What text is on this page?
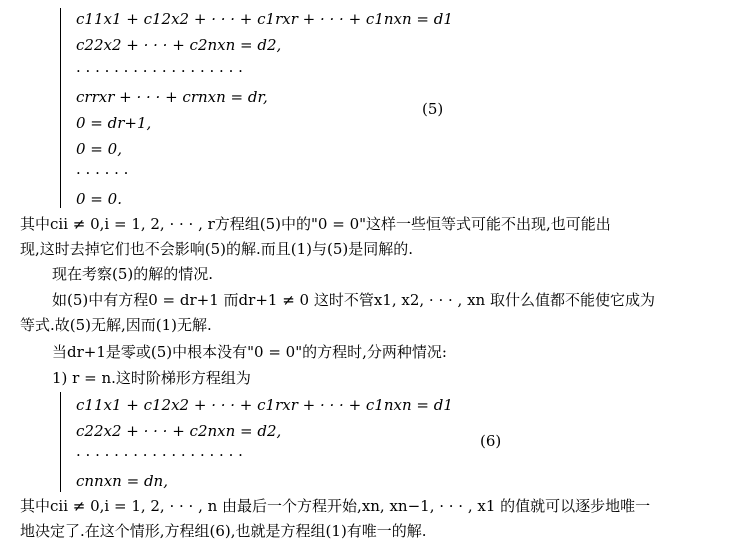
c11x1 + c12x2 + · · · + c1rxr + · · · + c1nxn = d1
c22x2 + · · · + c2nxn = d2,
· · · · · · · · · · · · · · · · · ·
crrxr + · · · + crnxn = dr,
0 = dr+1,
0 = 0,
· · · · · ·
0 = 0.
(5)
其中cii ≠ 0,i = 1, 2, · · · , r方程组(5)中的"0 = 0"这样一些恒等式可能不出现,也可能出
现,这时去掉它们也不会影响(5)的解.而且(1)与(5)是同解的.
现在考察(5)的解的情况.
如(5)中有方程0 = dr+1 而dr+1 ≠ 0 这时不管x1, x2, · · · , xn 取什么值都不能使它成为
等式.故(5)无解,因而(1)无解.
当dr+1是零或(5)中根本没有"0 = 0"的方程时,分两种情况:
1) r = n.这时阶梯形方程组为
c11x1 + c12x2 + · · · + c1rxr + · · · + c1nxn = d1
c22x2 + · · · + c2nxn = d2,
· · · · · · · · · · · · · · · · · ·
cnnxn = dn,
(6)
其中cii ≠ 0,i = 1, 2, · · · , n 由最后一个方程开始,xn, xn−1, · · · , x1 的值就可以逐步地唯一
地决定了.在这个情形,方程组(6),也就是方程组(1)有唯一的解.
